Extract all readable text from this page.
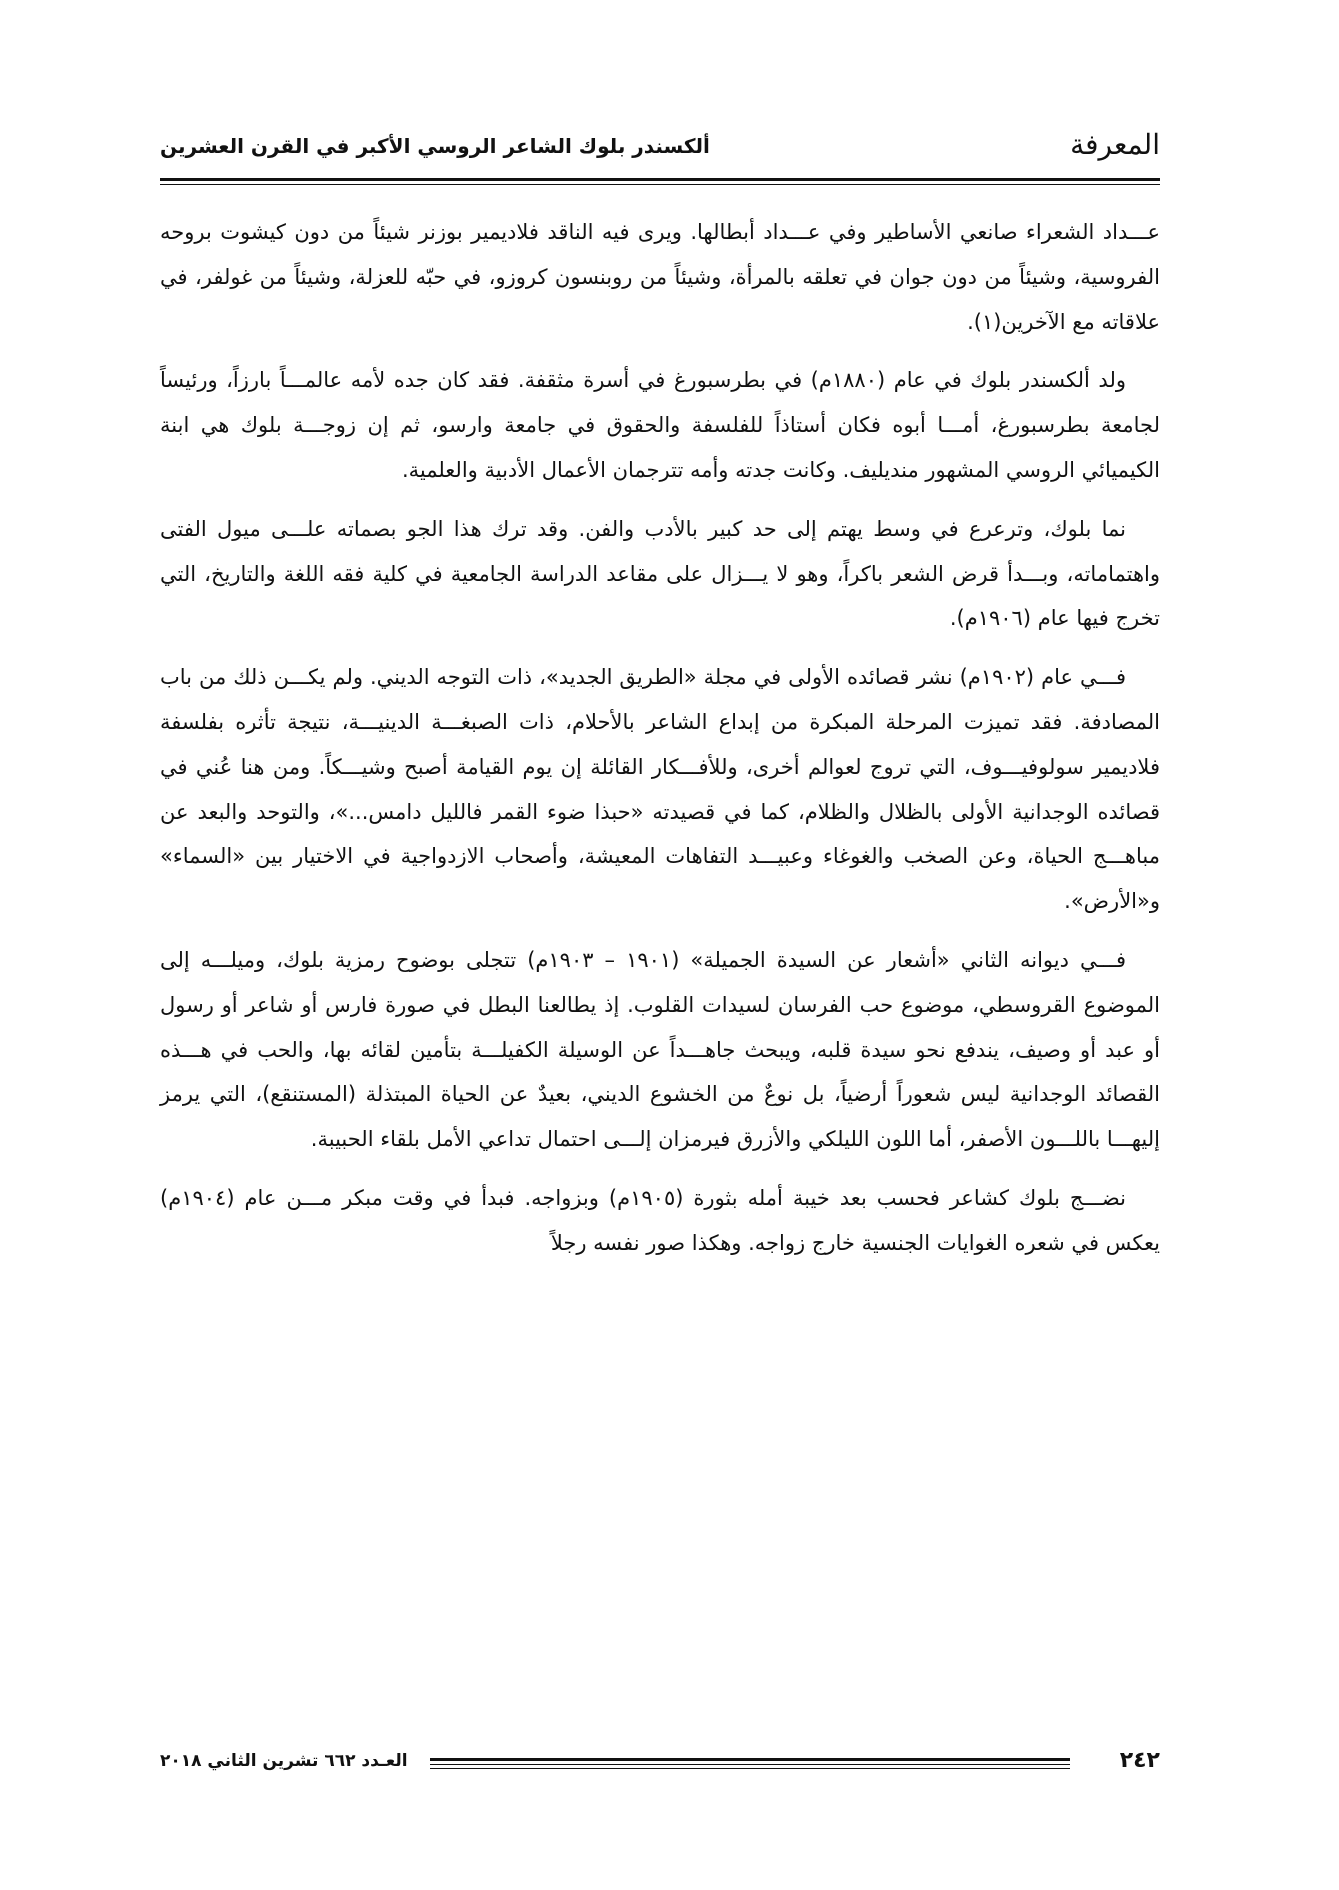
المعرفة
ألكسندر بلوك الشاعر الروسي الأكبر في القرن العشرين

عـــداد الشعراء صانعي الأساطير وفي عـــداد أبطالها. ويرى فيه الناقد فلاديمير بوزنر شيئاً من دون كيشوت بروحه الفروسية، وشيئاً من دون جوان في تعلقه بالمرأة، وشيئاً من روبنسون كروزو، في حبّه للعزلة، وشيئاً من غولفر، في علاقاته مع الآخرين(١).

ولد ألكسندر بلوك في عام (١٨٨٠م) في بطرسبورغ في أسرة مثقفة. فقد كان جده لأمه عالمـــاً بارزاً، ورئيساً لجامعة بطرسبورغ، أمـــا أبوه فكان أستاذاً للفلسفة والحقوق في جامعة وارسو، ثم إن زوجـــة بلوك هي ابنة الكيميائي الروسي المشهور منديليف. وكانت جدته وأمه تترجمان الأعمال الأدبية والعلمية.

نما بلوك، وترعرع في وسط يهتم إلى حد كبير بالأدب والفن. وقد ترك هذا الجو بصماته علـــى ميول الفتى واهتماماته، وبـــدأ قرض الشعر باكراً، وهو لا يـــزال على مقاعد الدراسة الجامعية في كلية فقه اللغة والتاريخ، التي تخرج فيها عام (١٩٠٦م).

فـــي عام (١٩٠٢م) نشر قصائده الأولى في مجلة «الطريق الجديد»، ذات التوجه الديني. ولم يكـــن ذلك من باب المصادفة. فقد تميزت المرحلة المبكرة من إبداع الشاعر بالأحلام، ذات الصبغـــة الدينيـــة، نتيجة تأثره بفلسفة فلاديمير سولوفيـــوف، التي تروج لعوالم أخرى، وللأفـــكار القائلة إن يوم القيامة أصبح وشيـــكاً. ومن هنا عُني في قصائده الوجدانية الأولى بالظلال والظلام، كما في قصيدته «حبذا ضوء القمر فالليل دامس...»، والتوحد والبعد عن مباهـــج الحياة، وعن الصخب والغوغاء وعبيـــد التفاهات المعيشة، وأصحاب الازدواجية في الاختيار بين «السماء» و«الأرض».

فـــي ديوانه الثاني «أشعار عن السيدة الجميلة» (١٩٠١ – ١٩٠٣م) تتجلى بوضوح رمزية بلوك، وميلـــه إلى الموضوع القروسطي، موضوع حب الفرسان لسيدات القلوب. إذ يطالعنا البطل في صورة فارس أو شاعر أو رسول أو عبد أو وصيف، يندفع نحو سيدة قلبه، ويبحث جاهـــداً عن الوسيلة الكفيلـــة بتأمين لقائه بها، والحب في هـــذه القصائد الوجدانية ليس شعوراً أرضياً، بل نوعٌ من الخشوع الديني، بعيدٌ عن الحياة المبتذلة (المستنقع)، التي يرمز إليهـــا باللـــون الأصفر، أما اللون الليلكي والأزرق فيرمزان إلـــى احتمال تداعي الأمل بلقاء الحبيبة.

نضـــج بلوك كشاعر فحسب بعد خيبة أمله بثورة (١٩٠٥م) وبزواجه. فبدأ في وقت مبكر مـــن عام (١٩٠٤م) يعكس في شعره الغوايات الجنسية خارج زواجه. وهكذا صور نفسه رجلاً

٢٤٢
العـدد ٦٦٢ تشرين الثاني ٢٠١٨
